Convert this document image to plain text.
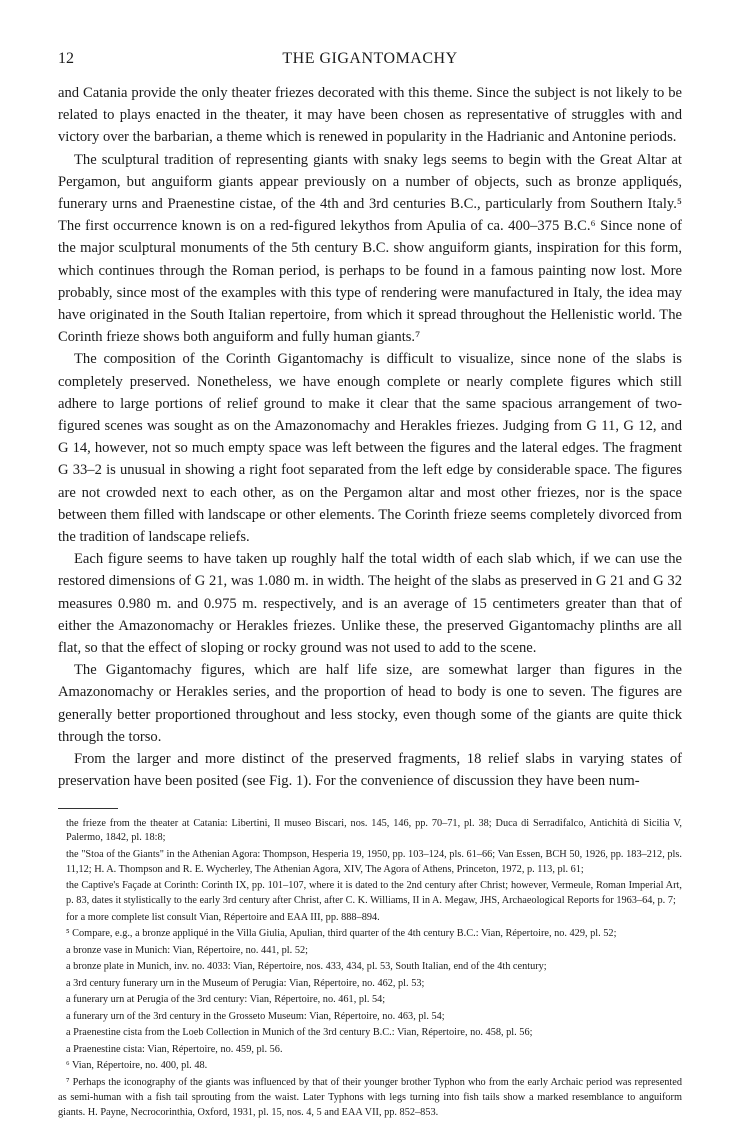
12	THE GIGANTOMACHY

and Catania provide the only theater friezes decorated with this theme. Since the subject is not likely to be related to plays enacted in the theater, it may have been chosen as representative of struggles with and victory over the barbarian, a theme which is renewed in popularity in the Hadrianic and Antonine periods.

The sculptural tradition of representing giants with snaky legs seems to begin with the Great Altar at Pergamon, but anguiform giants appear previously on a number of objects, such as bronze appliqués, funerary urns and Praenestine cistae, of the 4th and 3rd centuries B.C., particularly from Southern Italy.⁵ The first occurrence known is on a red-figured lekythos from Apulia of ca. 400–375 B.C.⁶ Since none of the major sculptural monuments of the 5th century B.C. show anguiform giants, inspiration for this form, which continues through the Roman period, is perhaps to be found in a famous painting now lost. More probably, since most of the examples with this type of rendering were manufactured in Italy, the idea may have originated in the South Italian repertoire, from which it spread throughout the Hellenistic world. The Corinth frieze shows both anguiform and fully human giants.⁷

The composition of the Corinth Gigantomachy is difficult to visualize, since none of the slabs is completely preserved. Nonetheless, we have enough complete or nearly complete figures which still adhere to large portions of relief ground to make it clear that the same spacious arrangement of two-figured scenes was sought as on the Amazonomachy and Herakles friezes. Judging from G 11, G 12, and G 14, however, not so much empty space was left between the figures and the lateral edges. The fragment G 33–2 is unusual in showing a right foot separated from the left edge by considerable space. The figures are not crowded next to each other, as on the Pergamon altar and most other friezes, nor is the space between them filled with landscape or other elements. The Corinth frieze seems completely divorced from the tradition of landscape reliefs.

Each figure seems to have taken up roughly half the total width of each slab which, if we can use the restored dimensions of G 21, was 1.080 m. in width. The height of the slabs as preserved in G 21 and G 32 measures 0.980 m. and 0.975 m. respectively, and is an average of 15 centimeters greater than that of either the Amazonomachy or Herakles friezes. Unlike these, the preserved Gigantomachy plinths are all flat, so that the effect of sloping or rocky ground was not used to add to the scene.

The Gigantomachy figures, which are half life size, are somewhat larger than figures in the Amazonomachy or Herakles series, and the proportion of head to body is one to seven. The figures are generally better proportioned throughout and less stocky, even though some of the giants are quite thick through the torso.

From the larger and more distinct of the preserved fragments, 18 relief slabs in varying states of preservation have been posited (see Fig. 1). For the convenience of discussion they have been num-

the frieze from the theater at Catania: Libertini, Il museo Biscari, nos. 145, 146, pp. 70–71, pl. 38; Duca di Serradifalco, Antichità di Sicilia V, Palermo, 1842, pl. 18:8;

the "Stoa of the Giants" in the Athenian Agora: Thompson, Hesperia 19, 1950, pp. 103–124, pls. 61–66; Van Essen, BCH 50, 1926, pp. 183–212, pls. 11,12; H. A. Thompson and R. E. Wycherley, The Athenian Agora, XIV, The Agora of Athens, Princeton, 1972, p. 113, pl. 61;

the Captive's Façade at Corinth: Corinth IX, pp. 101–107, where it is dated to the 2nd century after Christ; however, Vermeule, Roman Imperial Art, p. 83, dates it stylistically to the early 3rd century after Christ, after C. K. Williams, II in A. Megaw, JHS, Archaeological Reports for 1963–64, p. 7;

for a more complete list consult Vian, Répertoire and EAA III, pp. 888–894.

⁵ Compare, e.g., a bronze appliqué in the Villa Giulia, Apulian, third quarter of the 4th century B.C.: Vian, Répertoire, no. 429, pl. 52;

a bronze vase in Munich: Vian, Répertoire, no. 441, pl. 52;

a bronze plate in Munich, inv. no. 4033: Vian, Répertoire, nos. 433, 434, pl. 53, South Italian, end of the 4th century;

a 3rd century funerary urn in the Museum of Perugia: Vian, Répertoire, no. 462, pl. 53;

a funerary urn at Perugia of the 3rd century: Vian, Répertoire, no. 461, pl. 54;

a funerary urn of the 3rd century in the Grosseto Museum: Vian, Répertoire, no. 463, pl. 54;

a Praenestine cista from the Loeb Collection in Munich of the 3rd century B.C.: Vian, Répertoire, no. 458, pl. 56;

a Praenestine cista: Vian, Répertoire, no. 459, pl. 56.

⁶ Vian, Répertoire, no. 400, pl. 48.

⁷ Perhaps the iconography of the giants was influenced by that of their younger brother Typhon who from the early Archaic period was represented as semi-human with a fish tail sprouting from the waist. Later Typhons with legs turning into fish tails show a marked resemblance to anguiform giants. H. Payne, Necrocorinthia, Oxford, 1931, pl. 15, nos. 4, 5 and EAA VII, pp. 852–853.
